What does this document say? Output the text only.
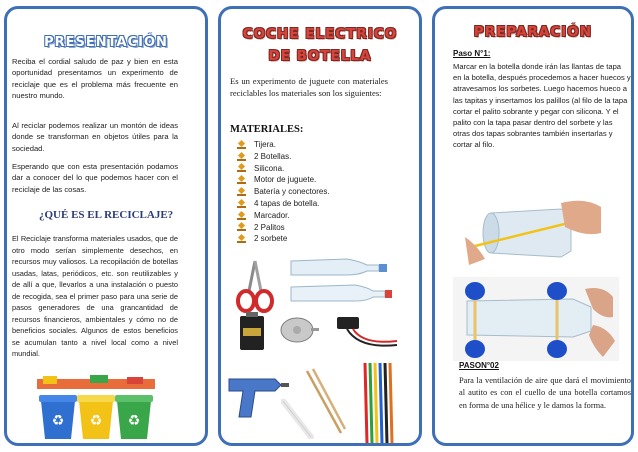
PRESENTACIÓN
Reciba el cordial saludo de paz y bien en esta oportunidad presentamos un experimento de reciclaje que es el problema más frecuente en nuestro mundo.
Al reciclar podemos realizar un montón de ideas donde se transforman en objetos útiles para la sociedad.
Esperando que con esta presentación podamos dar a conocer del lo que podemos hacer con el reciclaje de las cosas.
¿QUÉ ES EL RECICLAJE?
El Reciclaje transforma materiales usados, que de otro modo serían simplemente desechos, en recursos muy valiosos. La recopilación de botellas usadas, latas, periódicos, etc. son reutilizables y de allí a que, llevarlos a una instalación o puesto de recogida, sea el primer paso para una serie de pasos generadores de una grancantidad de recursos financieros, ambientales y cómo no de beneficios sociales. Algunos de estos beneficios se acumulan tanto a nivel local como a nivel mundial.
♻ ♻ ♻
COCHE ELECTRICO
DE BOTELLA
Es un experimento de juguete con materiales reciclables los materiales son los siguientes:
MATERIALES:
Tijera.
2 Botellas.
Silicona.
Motor de juguete.
Batería y conectores.
4 tapas de botella.
Marcador.
2 Palitos
2 sorbete
PREPARACIÓN
Paso N°1:
Marcar en la botella donde irán las llantas de tapa en la botella, después procedemos a hacer huecos y atravesamos los sorbetes. Luego hacemos hueco a las tapitas y insertamos los palillos (al filo de la tapa cortar el palito sobrante y pegar con silicona. Y el palito con la tapa pasar dentro del sorbete y las otras dos tapas sobrantes también insertarlas y cortar al filo.
PASON°02
Para la ventilación de aire que dará el movimiento al autito es con el cuello de una botella cortamos en forma de una hélice y le damos la forma.
